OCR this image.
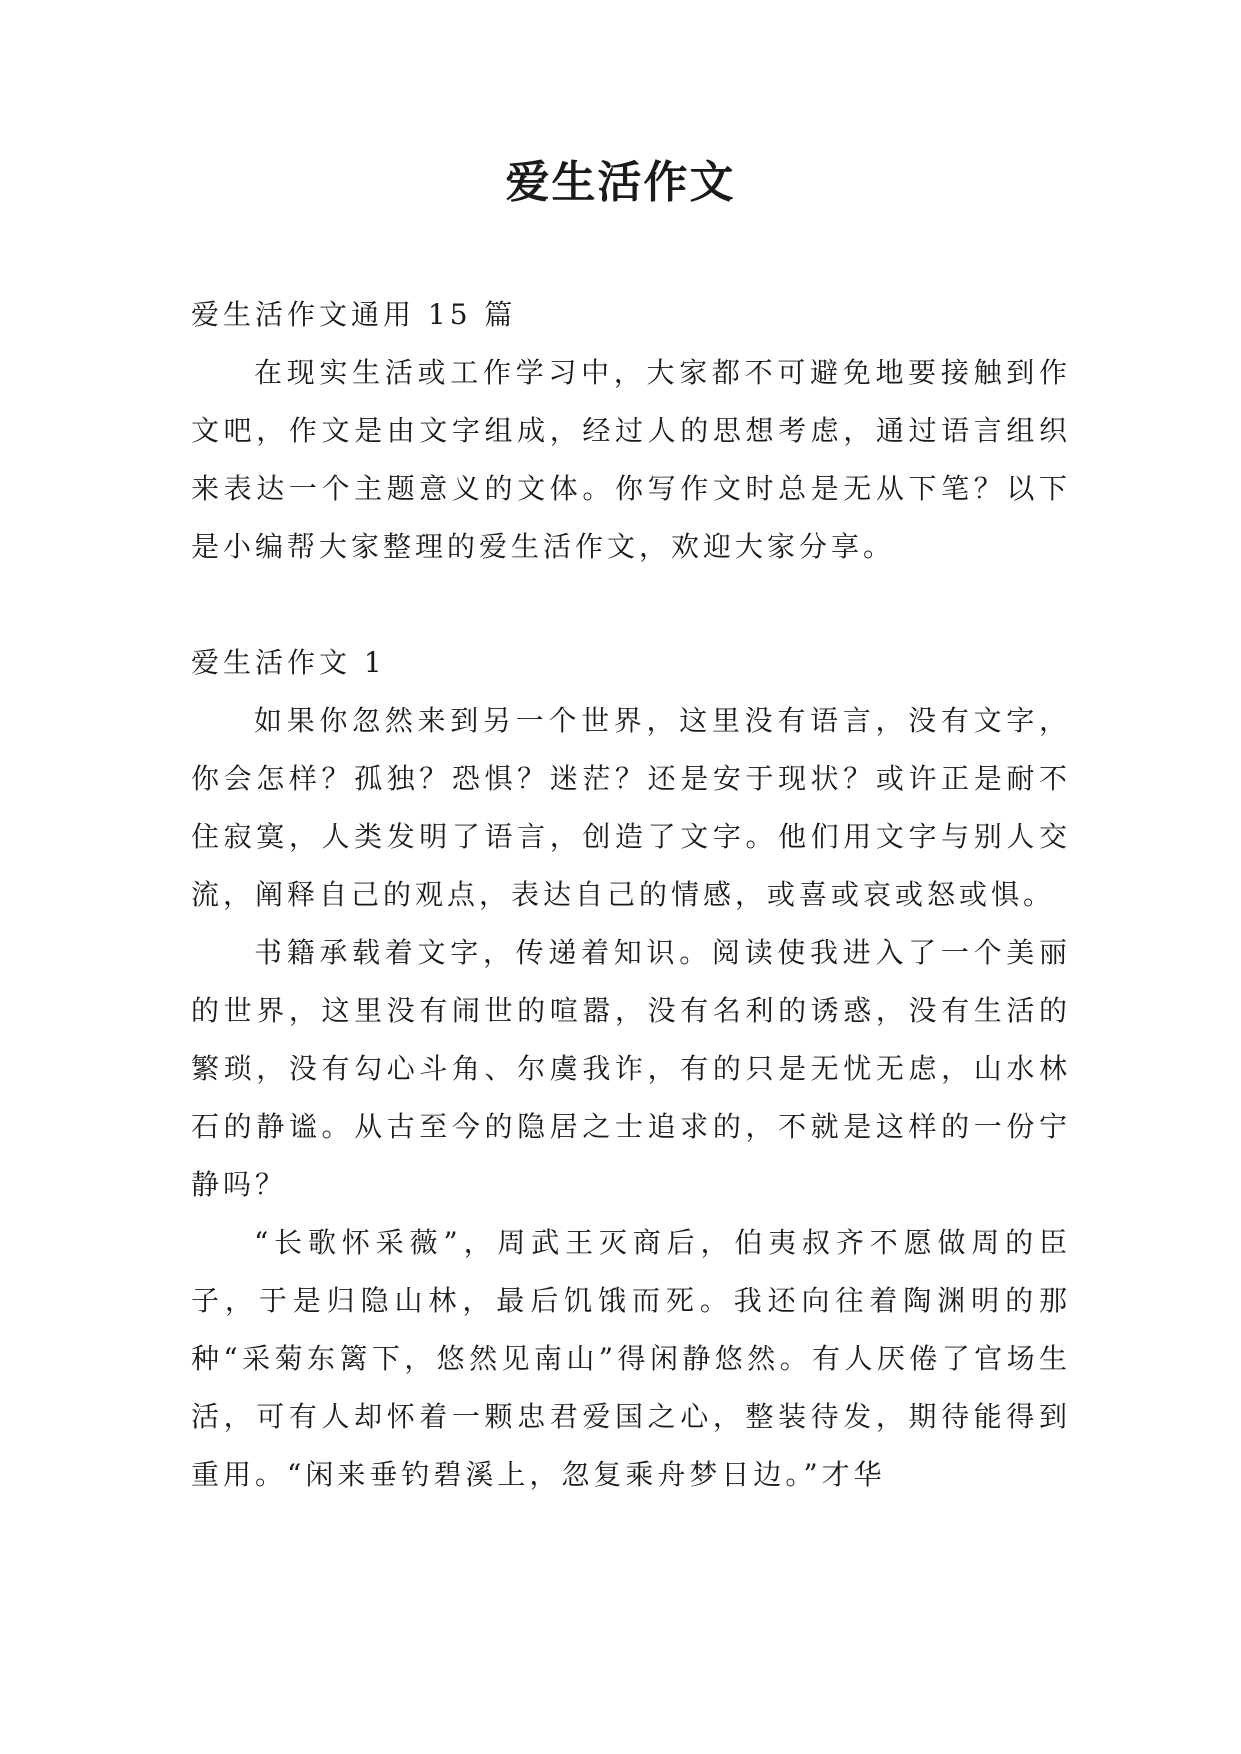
爱生活作文

爱生活作文通用 15 篇

在现实生活或工作学习中，大家都不可避免地要接触到作文吧，作文是由文字组成，经过人的思想考虑，通过语言组织来表达一个主题意义的文体。你写作文时总是无从下笔？以下是小编帮大家整理的爱生活作文，欢迎大家分享。

爱生活作文 1

如果你忽然来到另一个世界，这里没有语言，没有文字，你会怎样？孤独？恐惧？迷茫？还是安于现状？或许正是耐不住寂寞，人类发明了语言，创造了文字。他们用文字与别人交流，阐释自己的观点，表达自己的情感，或喜或哀或怒或惧。

书籍承载着文字，传递着知识。阅读使我进入了一个美丽的世界，这里没有闹世的喧嚣，没有名利的诱惑，没有生活的繁琐，没有勾心斗角、尔虞我诈，有的只是无忧无虑，山水林石的静谧。从古至今的隐居之士追求的，不就是这样的一份宁静吗？

“长歌怀采薇”，周武王灭商后，伯夷叔齐不愿做周的臣子，于是归隐山林，最后饥饿而死。我还向往着陶渊明的那种“采菊东篱下，悠然见南山”得闲静悠然。有人厌倦了官场生活，可有人却怀着一颗忠君爱国之心，整装待发，期待能得到重用。“闲来垂钓碧溪上，忽复乘舟梦日边。”才华
